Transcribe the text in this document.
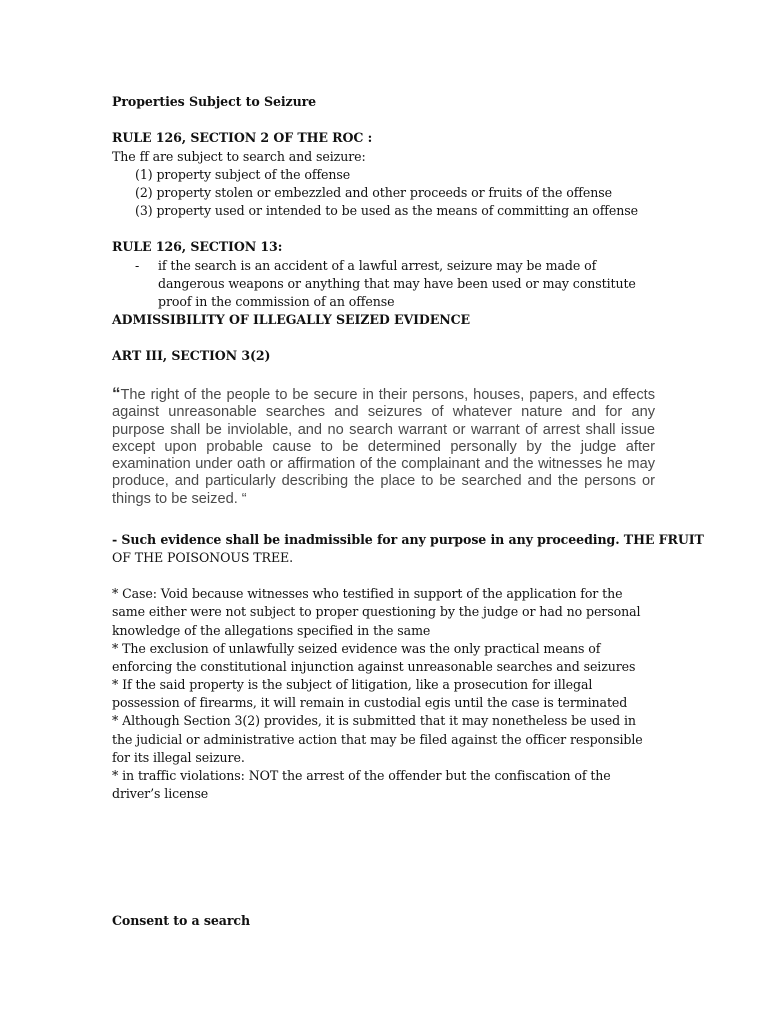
Properties Subject to Seizure
RULE 126, SECTION 2 OF THE ROC :
The ff are subject to search and seizure:
(1) property subject of the offense
(2) property stolen or embezzled and other proceeds or fruits of the offense
(3) property used or intended to be used as the means of committing an offense
RULE 126, SECTION 13:
- if the search is an accident of a lawful arrest, seizure may be made of
dangerous weapons or anything that may have been used or may constitute
proof in the commission of an offense
ADMISSIBILITY OF ILLEGALLY SEIZED EVIDENCE
ART III, SECTION 3(2)
“The right of the people to be secure in their persons, houses, papers, and effects against unreasonable searches and seizures of whatever nature and for any purpose shall be inviolable, and no search warrant or warrant of arrest shall issue except upon probable cause to be determined personally by the judge after examination under oath or affirmation of the complainant and the witnesses he may produce, and particularly describing the place to be searched and the persons or things to be seized. “
- Such evidence shall be inadmissible for any purpose in any proceeding. THE FRUIT
OF THE POISONOUS TREE.
* Case: Void because witnesses who testified in support of the application for the
same either were not subject to proper questioning by the judge or had no personal
knowledge of the allegations specified in the same
* The exclusion of unlawfully seized evidence was the only practical means of
enforcing the constitutional injunction against unreasonable searches and seizures
* If the said property is the subject of litigation, like a prosecution for illegal
possession of firearms, it will remain in custodial egis until the case is terminated
* Although Section 3(2) provides, it is submitted that it may nonetheless be used in
the judicial or administrative action that may be filed against the officer responsible
for its illegal seizure.
* in traffic violations: NOT the arrest of the offender but the confiscation of the
driver’s license
Consent to a search
